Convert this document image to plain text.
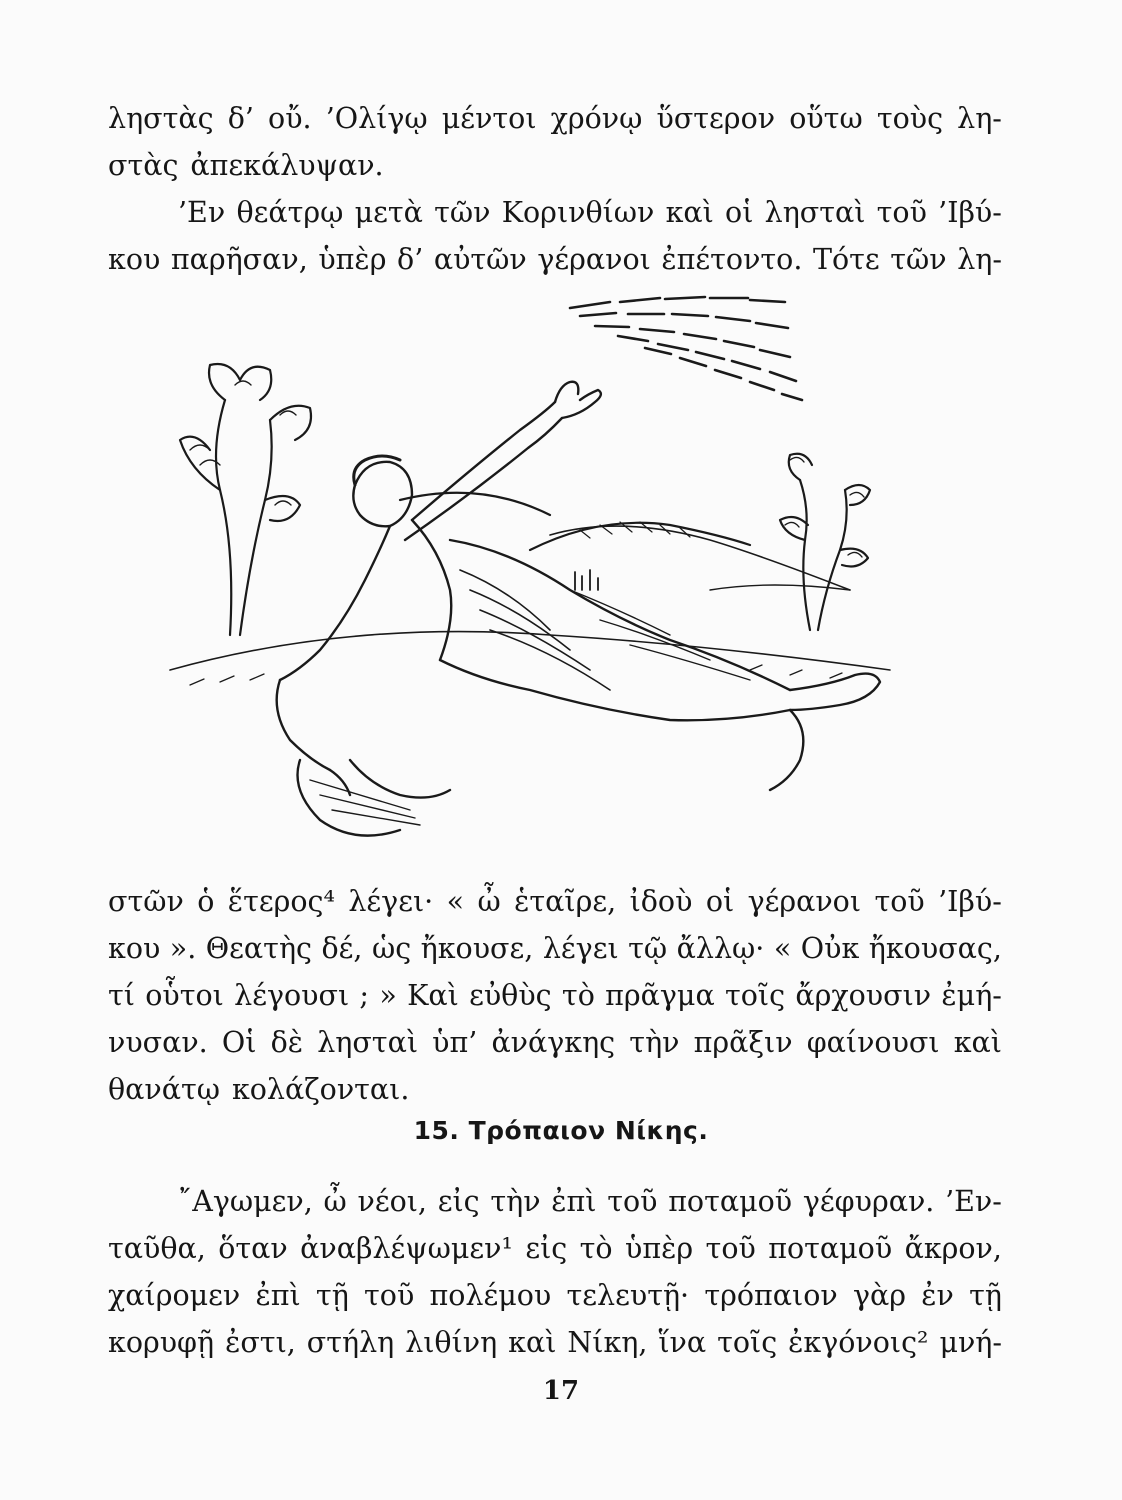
ληστὰς δ’ οὔ. ’Ολίγῳ μέντοι χρόνῳ ὕστερον οὕτω τοὺς λη-
στὰς ἀπεκάλυψαν.
’Εν θεάτρῳ μετὰ τῶν Κορινθίων καὶ οἱ λησταὶ τοῦ ’Ιβύ-
κου παρῆσαν, ὑπὲρ δ’ αὐτῶν γέρανοι ἐπέτοντο. Τότε τῶν λη-
στῶν ὁ ἕτερος⁴ λέγει· « ὦ ἑταῖρε, ἰδοὺ οἱ γέρανοι τοῦ ’Ιβύ-
κου ». Θεατὴς δέ, ὡς ἤκουσε, λέγει τῷ ἄλλῳ· « Οὐκ ἤκουσας,
τί οὗτοι λέγουσι ; » Καὶ εὐθὺς τὸ πρᾶγμα τοῖς ἄρχουσιν ἐμή-
νυσαν. Οἱ δὲ λησταὶ ὑπ’ ἀνάγκης τὴν πρᾶξιν φαίνουσι καὶ
θανάτῳ κολάζονται.
15. Τρόπαιον Νίκης.
῎Αγωμεν, ὦ νέοι, εἰς τὴν ἐπὶ τοῦ ποταμοῦ γέφυραν. ’Εν-
ταῦθα, ὅταν ἀναβλέψωμεν¹ εἰς τὸ ὑπὲρ τοῦ ποταμοῦ ἄκρον,
χαίρομεν ἐπὶ τῇ τοῦ πολέμου τελευτῇ· τρόπαιον γὰρ ἐν τῇ
κορυφῇ ἐστι, στήλη λιθίνη καὶ Νίκη, ἵνα τοῖς ἐκγόνοις² μνή-
17
